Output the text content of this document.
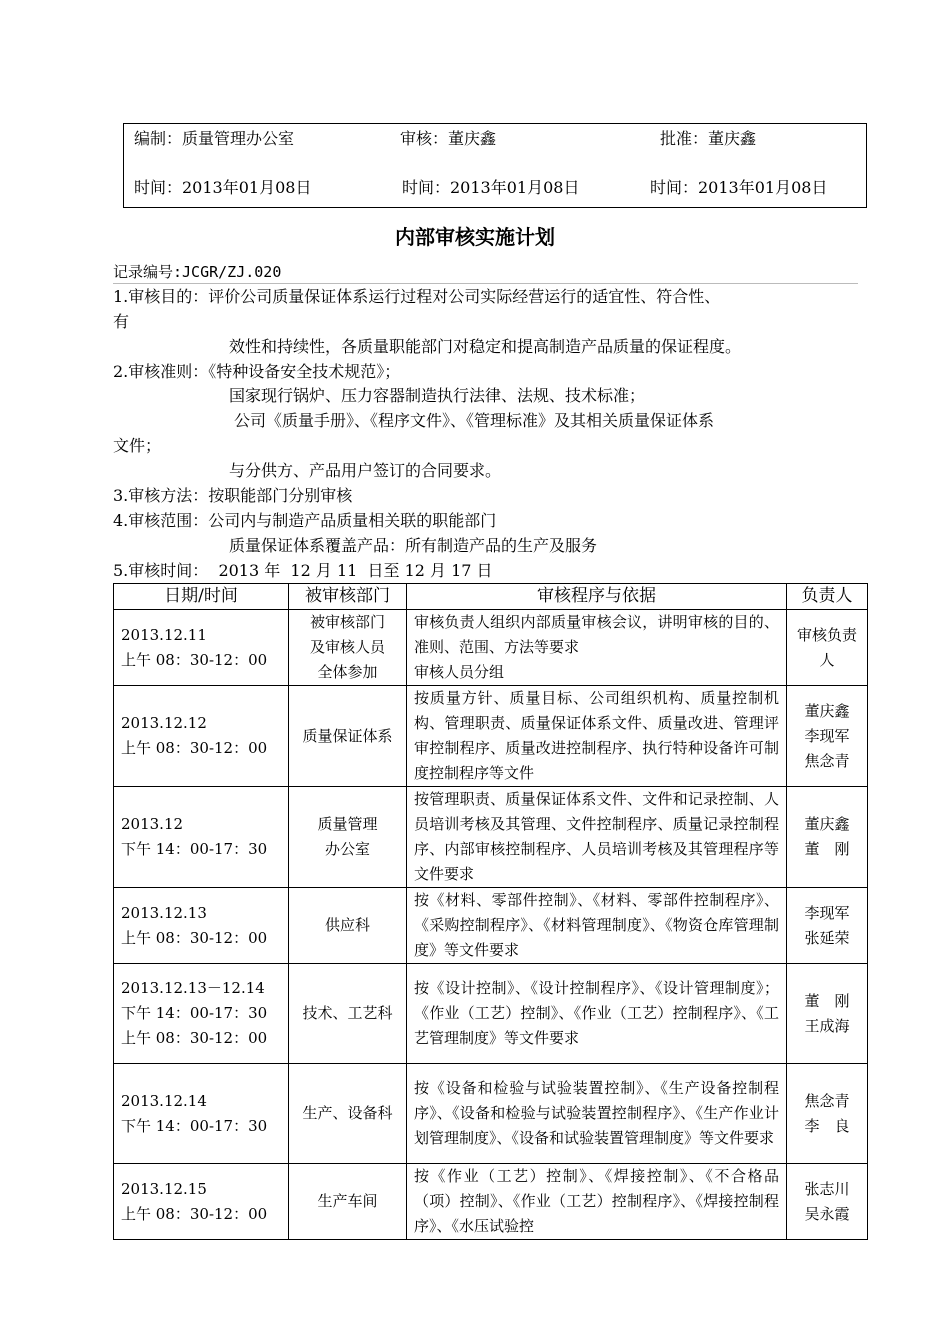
编制：质量管理办公室	审核：董庆鑫	批准：董庆鑫
时间：2013年01月08日	时间：2013年01月08日	时间：2013年01月08日
内部审核实施计划
记录编号:JCGR/ZJ.020
1.审核目的：评价公司质量保证体系运行过程对公司实际经营运行的适宜性、符合性、
有
效性和持续性，各质量职能部门对稳定和提高制造产品质量的保证程度。
2.审核准则：《特种设备安全技术规范》；
国家现行锅炉、压力容器制造执行法律、法规、技术标准；
公司《质量手册》、《程序文件》、《管理标准》及其相关质量保证体系
文件；
与分供方、产品用户签订的合同要求。
3.审核方法：按职能部门分别审核
4.审核范围：公司内与制造产品质量相关联的职能部门
质量保证体系覆盖产品：所有制造产品的生产及服务
5.审核时间：  2013 年  12 月 11  日至 12 月 17 日
日期/时间	被审核部门	审核程序与依据	负责人

2013.12.11
上午 08：30-12：00	被审核部门
及审核人员
全体参加	审核负责人组织内部质量审核会议，讲明审核的目的、准则、范围、方法等要求
审核人员分组	审核负责人

2013.12.12
上午 08：30-12：00	质量保证体系	按质量方针、质量目标、公司组织机构、质量控制机构、管理职责、质量保证体系文件、质量改进、管理评审控制程序、质量改进控制程序、执行特种设备许可制度控制程序等文件	董庆鑫
李现军
焦念青

2013.12
下午 14：00-17：30	质量管理
办公室	按管理职责、质量保证体系文件、文件和记录控制、人员培训考核及其管理、文件控制程序、质量记录控制程序、内部审核控制程序、人员培训考核及其管理程序等文件要求	董庆鑫
董　刚

2013.12.13
上午 08：30-12：00	供应科	按《材料、零部件控制》、《材料、零部件控制程序》、《采购控制程序》、《材料管理制度》、《物资仓库管理制度》等文件要求	李现军
张延荣

2013.12.13－12.14
下午 14：00-17：30
上午 08：30-12：00	技术、工艺科	按《设计控制》、《设计控制程序》、《设计管理制度》；《作业（工艺）控制》、《作业（工艺）控制程序》、《工艺管理制度》等文件要求	董　刚
王成海

2013.12.14
下午 14：00-17：30	生产、设备科	按《设备和检验与试验装置控制》、《生产设备控制程序》、《设备和检验与试验装置控制程序》、《生产作业计划管理制度》、《设备和试验装置管理制度》等文件要求	焦念青
李　良

2013.12.15
上午 08：30-12：00	生产车间	按《作业（工艺）控制》、《焊接控制》、《不合格品（项）控制》、《作业（工艺）控制程序》、《焊接控制程序》、《水压试验控	张志川
吴永霞
